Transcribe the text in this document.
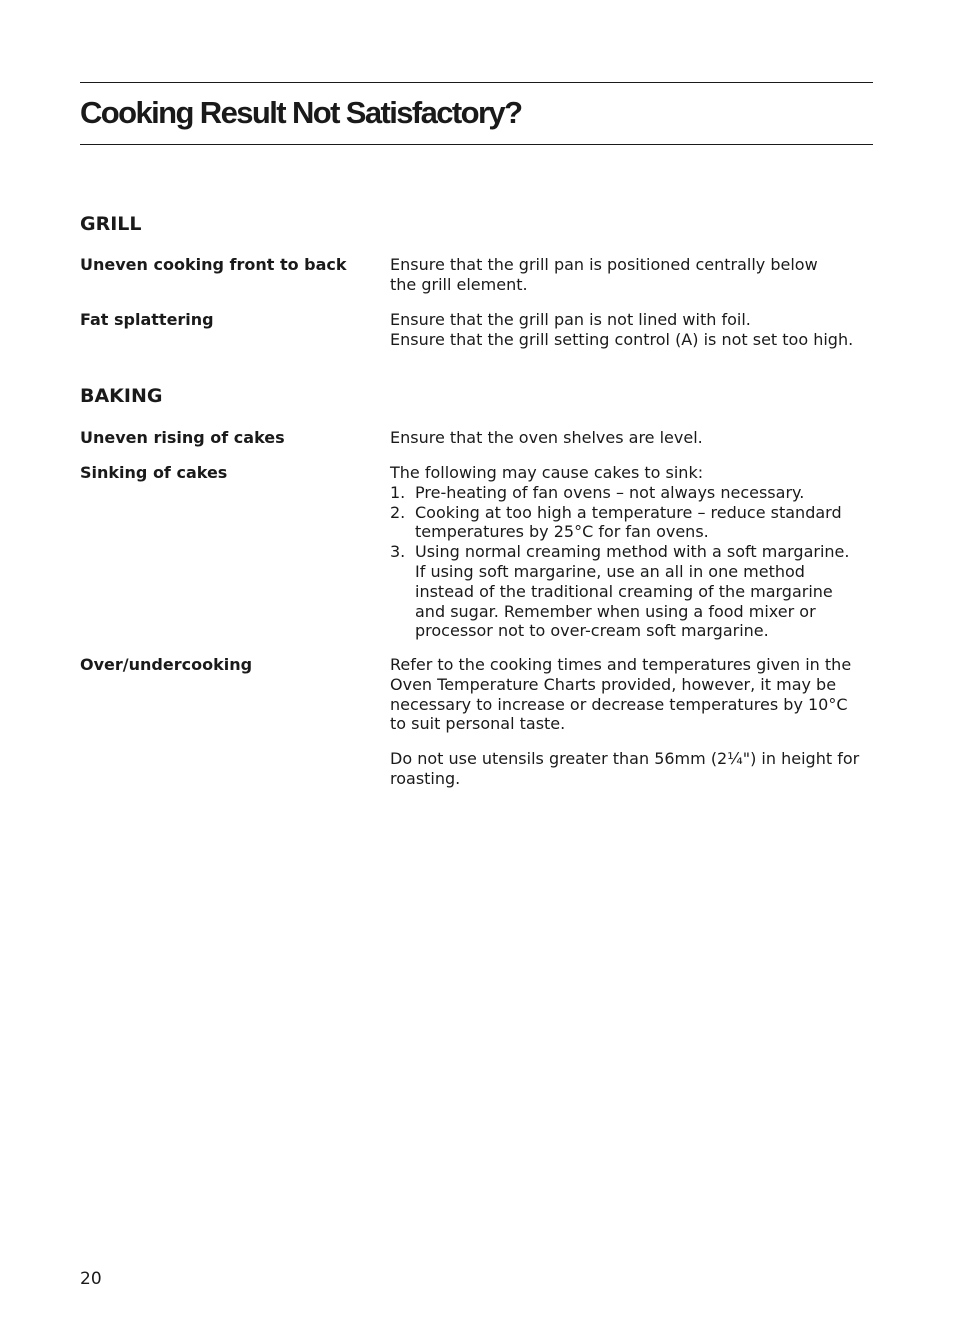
Cooking Result Not Satisfactory?
GRILL
Uneven cooking front to back	Ensure that the grill pan is positioned centrally below

the grill element.

Fat splattering	Ensure that the grill pan is not lined with foil.

Ensure that the grill setting control (A) is not set too high.

BAKING
Uneven rising of cakes	Ensure that the oven shelves are level.

Sinking of cakes	The following may cause cakes to sink:

1. Pre-heating of fan ovens – not always necessary.
2. Cooking at too high a temperature – reduce standard
temperatures by 25°C for fan ovens.
3. Using normal creaming method with a soft margarine.
If using soft margarine, use an all in one method
instead of the traditional creaming of the margarine
and sugar. Remember when using a food mixer or
processor not to over-cream soft margarine.
Over/undercooking	Refer to the cooking times and temperatures given in the

Oven Temperature Charts provided, however, it may be

necessary to increase or decrease temperatures by 10°C

to suit personal taste.

Do not use utensils greater than 56mm (2¼") in height for

roasting.

20
